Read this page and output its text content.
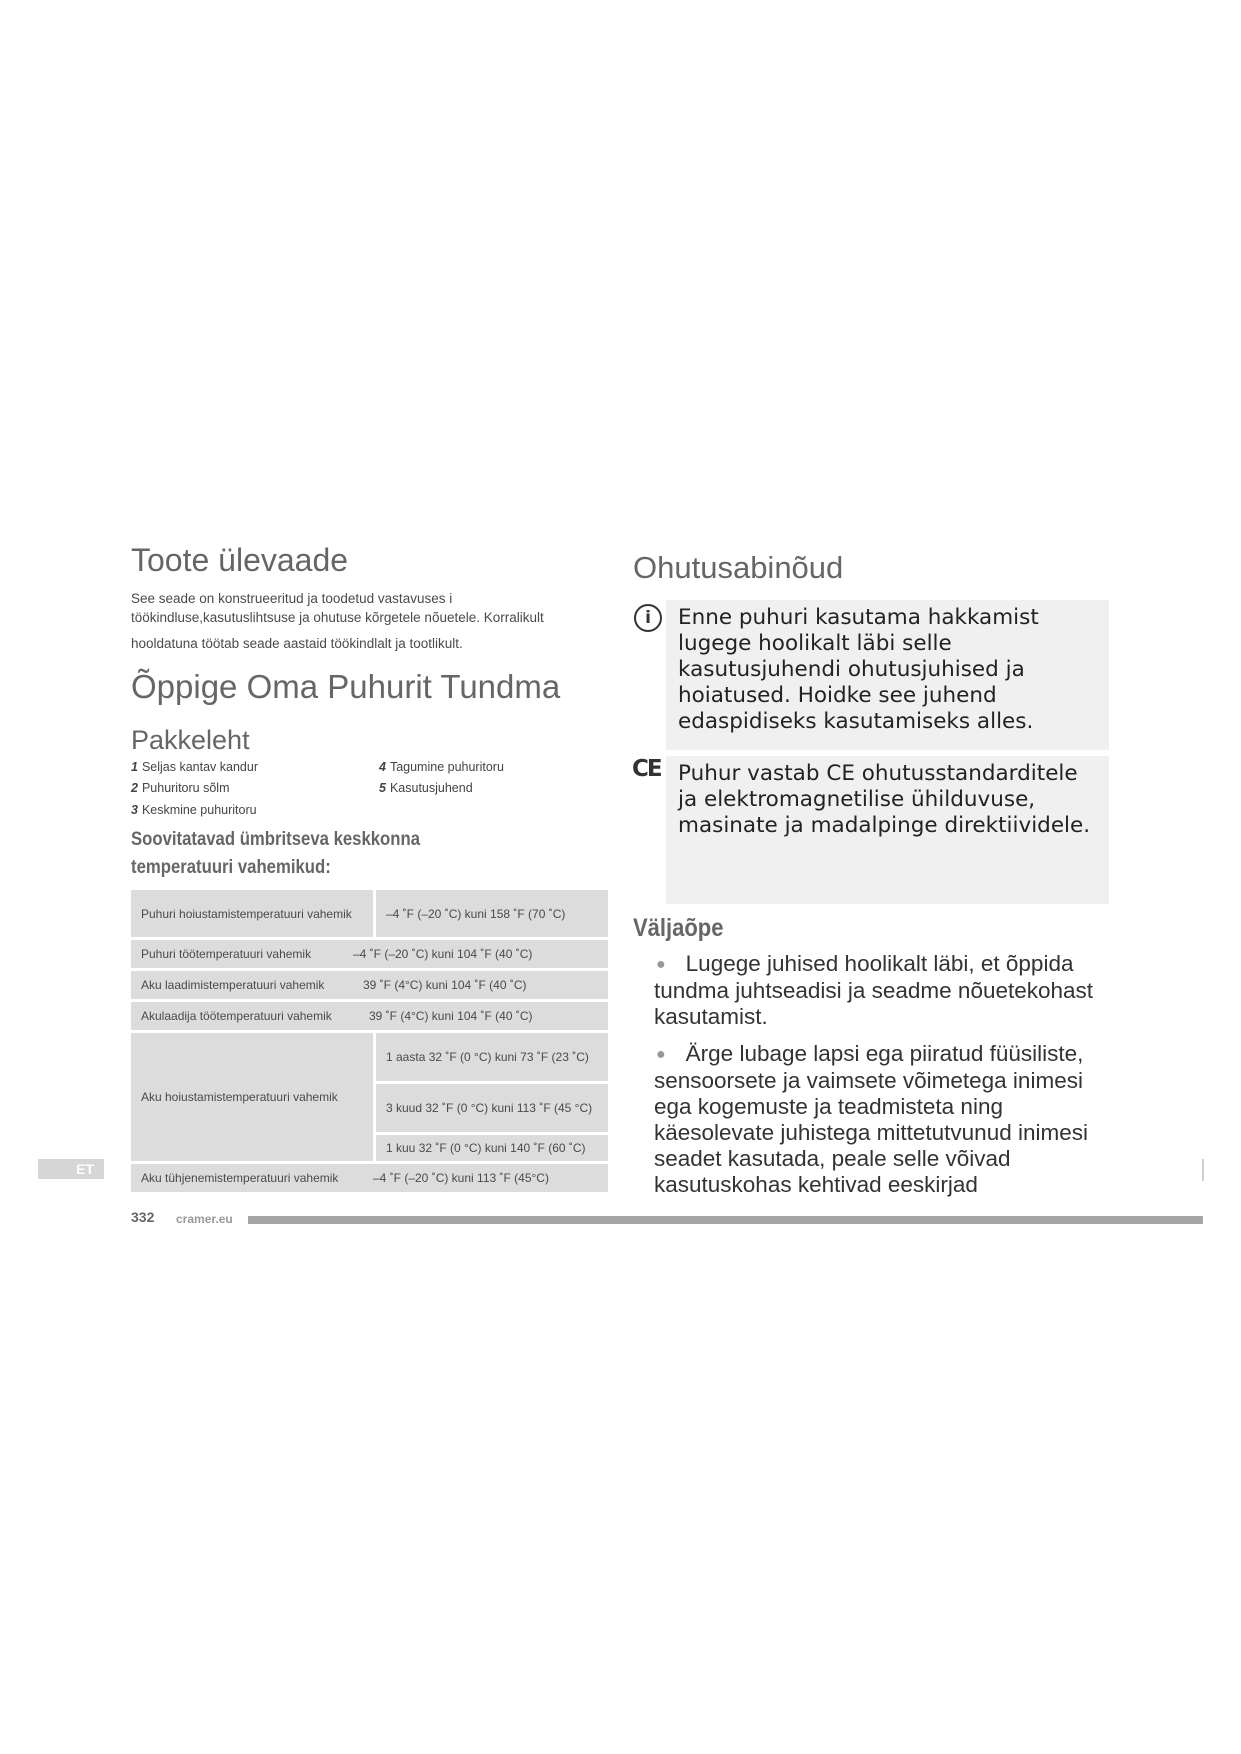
Toote ülevaade
See seade on konstrueeritud ja toodetud vastavuses i
töökindluse,kasutuslihtsuse ja ohutuse kõrgetele nõuetele. Korralikult
hooldatuna töötab seade aastaid töökindlalt ja tootlikult.
Õppige Oma Puhurit Tundma
Pakkeleht
1 Seljas kantav kandur
2 Puhuritoru sõlm
3 Keskmine puhuritoru
4 Tagumine puhuritoru
5 Kasutusjuhend
Soovitatavad ümbritseva keskkonna temperatuuri vahemikud:
Puhuri hoiustamistemperatuuri vahemik	–4 ˚F (–20 ˚C) kuni 158 ˚F (70 ˚C)
Puhuri töötemperatuuri vahemik	–4 ˚F (–20 ˚C) kuni 104 ˚F (40 ˚C)
Aku laadimistemperatuuri vahemik	39 ˚F (4°C) kuni 104 ˚F (40 ˚C)
Akulaadija töötemperatuuri vahemik	39 ˚F (4°C) kuni 104 ˚F (40 ˚C)
Aku hoiustamistemperatuuri vahemik
1 aasta 32 ˚F (0 °C) kuni 73 ˚F (23 ˚C)
3 kuud 32 ˚F (0 °C) kuni 113 ˚F (45 °C)
1 kuu 32 ˚F (0 °C) kuni 140 ˚F (60 ˚C)
Aku tühjenemistemperatuuri vahemik	–4 ˚F (–20 ˚C) kuni 113 ˚F (45°C)
Ohutusabinõud
i	Enne puhuri kasutama hakkamist lugege hoolikalt läbi selle kasutusjuhendi ohutusjuhised ja hoiatused. Hoidke see juhend edaspidiseks kasutamiseks alles.
CE Puhur vastab CE ohutusstandarditele ja elektromagnetilise ühilduvuse, masinate ja madalpinge direktiividele.
Väljaõpe
● Lugege juhised hoolikalt läbi, et õppida tundma juhtseadisi ja seadme nõuetekohast kasutamist.
● Ärge lubage lapsi ega piiratud füüsiliste, sensoorsete ja vaimsete võimetega inimesi ega kogemuste ja teadmisteta ning käesolevate juhistega mittetutvunud inimesi seadet kasutada, peale selle võivad kasutuskohas kehtivad eeskirjad
ET
332 cramer.eu
